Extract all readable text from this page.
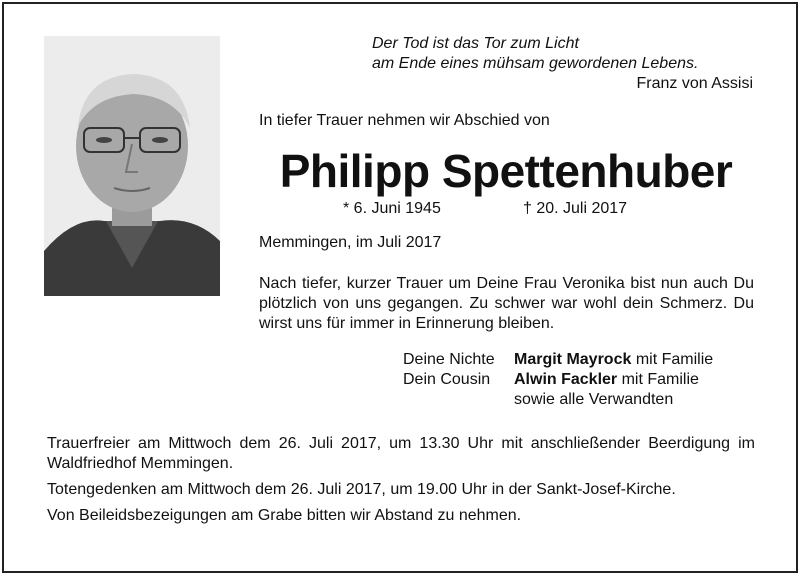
Der Tod ist das Tor zum Licht
am Ende eines mühsam gewordenen Lebens.
Franz von Assisi
In tiefer Trauer nehmen wir Abschied von
Philipp Spettenhuber
* 6. Juni 1945	† 20. Juli 2017
Memmingen, im Juli 2017
Nach tiefer, kurzer Trauer um Deine Frau Veronika bist nun auch Du plötzlich von uns gegangen. Zu schwer war wohl dein Schmerz. Du wirst uns für immer in Erinnerung bleiben.
Deine Nichte Margit Mayrock mit Familie
Dein Cousin Alwin Fackler mit Familie
sowie alle Verwandten

Trauerfreier am Mittwoch dem 26. Juli 2017, um 13.30 Uhr mit anschließender Beerdigung im Waldfriedhof Memmingen.

Totengedenken am Mittwoch dem 26. Juli 2017, um 19.00 Uhr in der Sankt-Josef-Kirche.

Von Beileidsbezeigungen am Grabe bitten wir Abstand zu nehmen.
